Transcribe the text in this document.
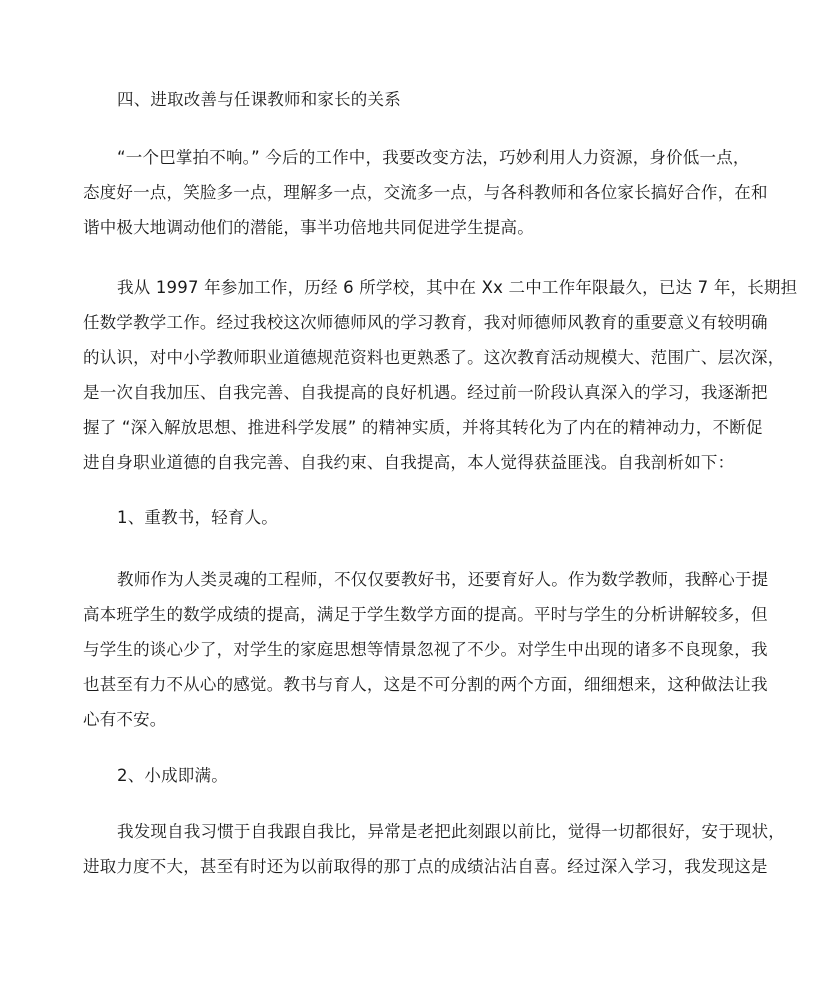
四、进取改善与任课教师和家长的关系
“一个巴掌拍不响。” 今后的工作中，我要改变方法，巧妙利用人力资源，身价低一点，
态度好一点，笑脸多一点，理解多一点，交流多一点，与各科教师和各位家长搞好合作，在和
谐中极大地调动他们的潜能，事半功倍地共同促进学生提高。
我从 1997 年参加工作，历经 6 所学校，其中在 Xx 二中工作年限最久，已达 7 年，长期担
任数学教学工作。经过我校这次师德师风的学习教育，我对师德师风教育的重要意义有较明确
的认识，对中小学教师职业道德规范资料也更熟悉了。这次教育活动规模大、范围广、层次深，
是一次自我加压、自我完善、自我提高的良好机遇。经过前一阶段认真深入的学习，我逐渐把
握了 “深入解放思想、推进科学发展” 的精神实质，并将其转化为了内在的精神动力，不断促
进自身职业道德的自我完善、自我约束、自我提高，本人觉得获益匪浅。自我剖析如下：
1、重教书，轻育人。
教师作为人类灵魂的工程师，不仅仅要教好书，还要育好人。作为数学教师，我醉心于提
高本班学生的数学成绩的提高，满足于学生数学方面的提高。平时与学生的分析讲解较多，但
与学生的谈心少了，对学生的家庭思想等情景忽视了不少。对学生中出现的诸多不良现象，我
也甚至有力不从心的感觉。教书与育人，这是不可分割的两个方面，细细想来，这种做法让我
心有不安。
2、小成即满。
我发现自我习惯于自我跟自我比，异常是老把此刻跟以前比，觉得一切都很好，安于现状，
进取力度不大，甚至有时还为以前取得的那丁点的成绩沾沾自喜。经过深入学习，我发现这是
